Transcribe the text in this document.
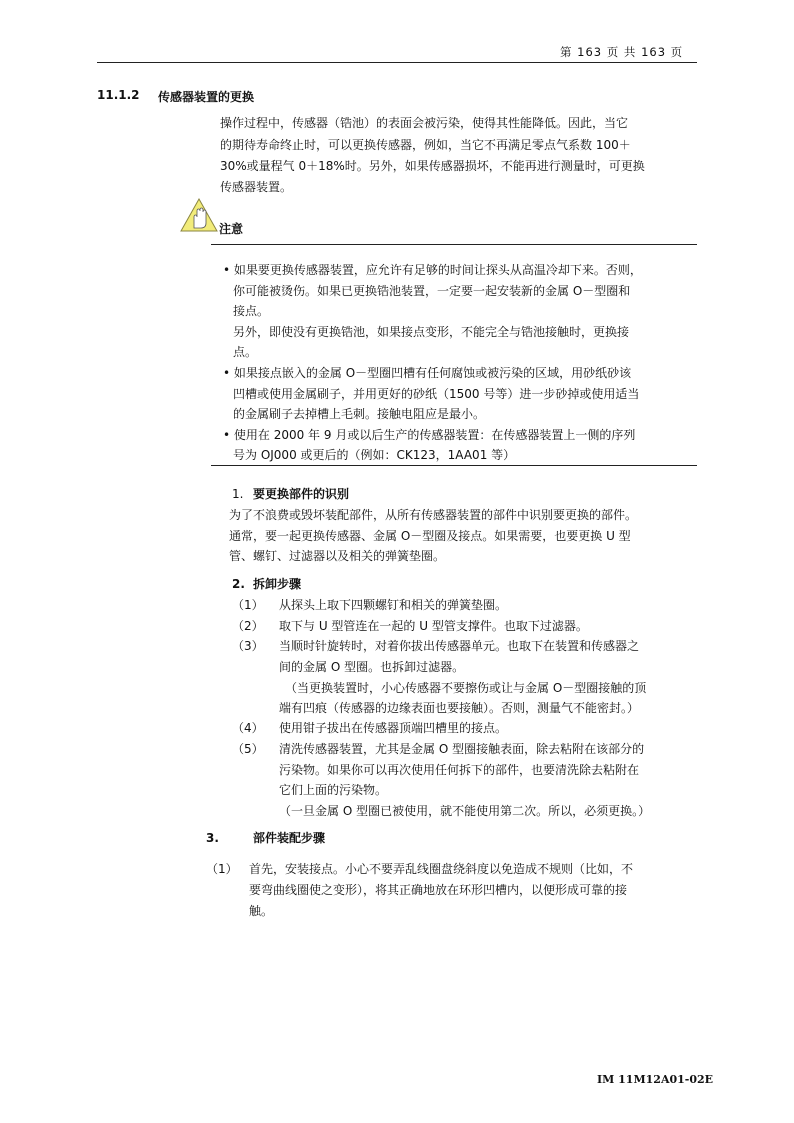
第 163 页 共 163 页
11.1.2 传感器装置的更换
操作过程中，传感器（锆池）的表面会被污染，使得其性能降低。因此，当它
的期待寿命终止时，可以更换传感器，例如，当它不再满足零点气系数 100＋
30%或量程气 0＋18%时。另外，如果传感器损坏，不能再进行测量时，可更换
传感器装置。
注意
• 如果要更换传感器装置，应允许有足够的时间让探头从高温冷却下来。否则，
你可能被烫伤。如果已更换锆池装置，一定要一起安装新的金属 O－型圈和
接点。
另外，即使没有更换锆池，如果接点变形，不能完全与锆池接触时，更换接
点。
• 如果接点嵌入的金属 O－型圈凹槽有任何腐蚀或被污染的区域，用砂纸砂该
凹槽或使用金属刷子，并用更好的砂纸（1500 号等）进一步砂掉或使用适当
的金属刷子去掉槽上毛刺。接触电阻应是最小。
• 使用在 2000 年 9 月或以后生产的传感器装置：在传感器装置上一侧的序列
号为 OJ000 或更后的（例如：CK123，1AA01 等）
1. 要更换部件的识别
为了不浪费或毁坏装配部件，从所有传感器装置的部件中识别要更换的部件。
通常，要一起更换传感器、金属 O－型圈及接点。如果需要，也要更换 U 型
管、螺钉、过滤器以及相关的弹簧垫圈。
2. 拆卸步骤
（1） 从探头上取下四颗螺钉和相关的弹簧垫圈。
（2） 取下与 U 型管连在一起的 U 型管支撑件。也取下过滤器。
（3） 当顺时针旋转时，对着你拔出传感器单元。也取下在装置和传感器之
间的金属 O 型圈。也拆卸过滤器。
（当更换装置时，小心传感器不要擦伤或让与金属 O－型圈接触的顶
端有凹痕（传感器的边缘表面也要接触）。否则，测量气不能密封。）
（4） 使用钳子拔出在传感器顶端凹槽里的接点。
（5） 清洗传感器装置，尤其是金属 O 型圈接触表面，除去粘附在该部分的
污染物。如果你可以再次使用任何拆下的部件，也要清洗除去粘附在
它们上面的污染物。
（一旦金属 O 型圈已被使用，就不能使用第二次。所以，必须更换。）
3.	部件装配步骤
（1） 首先，安装接点。小心不要弄乱线圈盘绕斜度以免造成不规则（比如，不
要弯曲线圈使之变形），将其正确地放在环形凹槽内，以便形成可靠的接
触。
IM 11M12A01-02E
